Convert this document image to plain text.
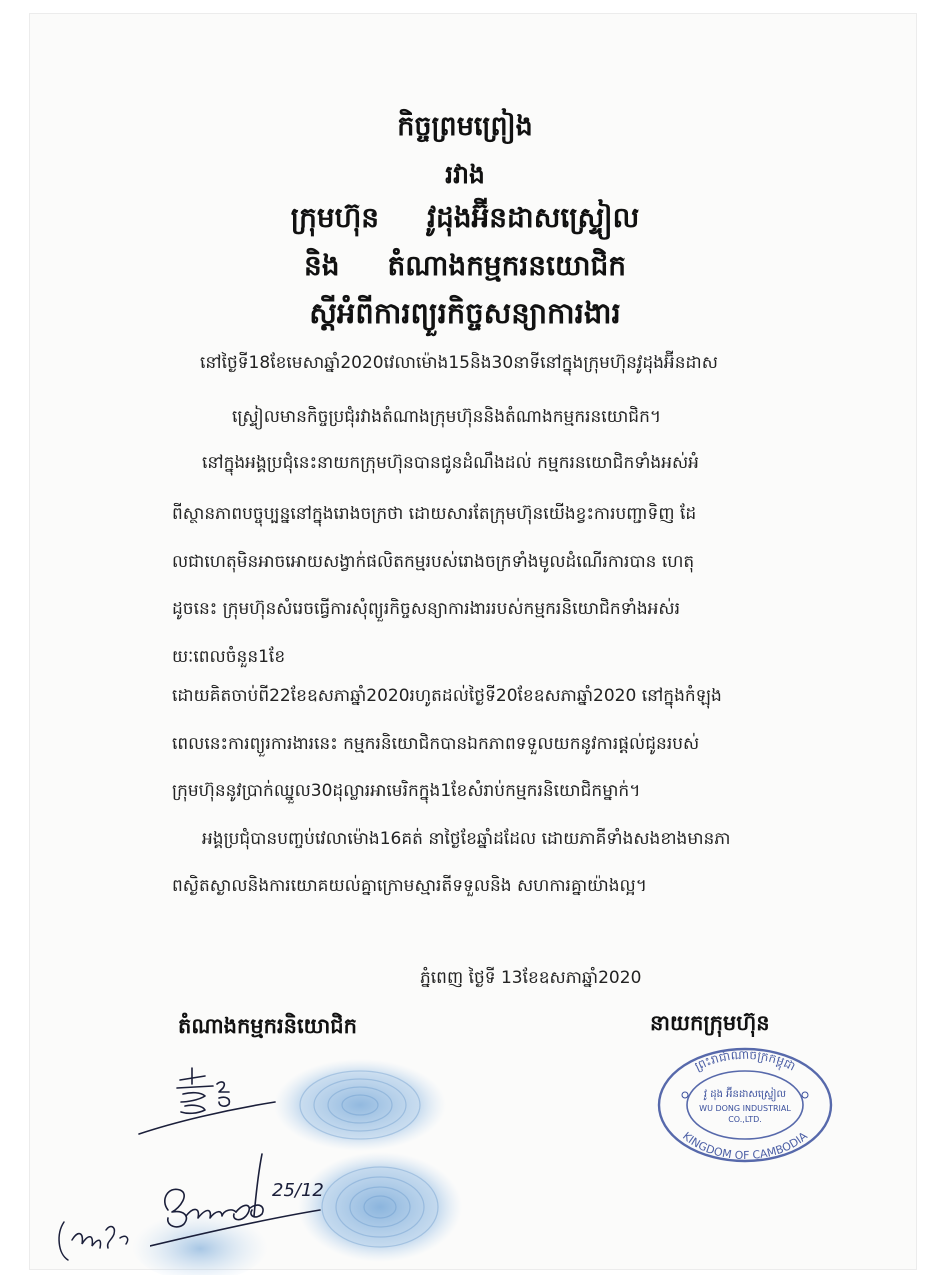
កិច្ចព្រមព្រៀង
រវាង
ក្រុមហ៊ុន វូដុងអ៊ីនដាសស្រ្ទៀល
និង តំណាងកម្មករនយោជិក
ស្តីអំពីការព្យួរកិច្ចសន្យាការងារ
នៅថ្ងៃទី18ខែមេសាឆ្នាំ2020វេលាម៉ោង15និង30នាទីនៅក្នុងក្រុមហ៊ុនវូដុងអ៊ីនដាស
ស្រ្ទៀលមានកិច្ចប្រជុំរវាងតំណាងក្រុមហ៊ុននិងតំណាងកម្មករនយោជិក។
នៅក្នុងអង្គប្រជុំនេះនាយកក្រុមហ៊ុនបានជូនដំណឹងដល់ កម្មករនយោជិកទាំងអស់អំ
ពីស្ថានភាពបច្ចុប្បន្ននៅក្នុងរោងចក្រថា ដោយសារតែក្រុមហ៊ុនយើងខ្វះការបញ្ជាទិញ ដែ
លជាហេតុមិនអាចអោយសង្វាក់ផលិតកម្មរបស់រោងចក្រទាំងមូលដំណើរការបាន ហេតុ
ដូចនេះ ក្រុមហ៊ុនសំរេចធ្វើការសុំព្យួរកិច្ចសន្យាការងាររបស់កម្មករនិយោជិកទាំងអស់រ
យៈពេលចំនួន1ខែ
ដោយគិតចាប់ពី22ខែឧសភាឆ្នាំ2020រហូតដល់ថ្ងៃទី20ខែឧសភាឆ្នាំ2020 នៅក្នុងកំឡុង
ពេលនេះការព្យួរការងារនេះ កម្មករនិយោជិកបានឯកភាពទទួលយកនូវការផ្តល់ជូនរបស់
ក្រុមហ៊ុននូវប្រាក់ឈ្នួល30ដុល្លារអាមេរិកក្នុង1ខែសំរាប់កម្មករនិយោជិកម្នាក់។
អង្គប្រជុំបានបញ្ចប់វេលាម៉ោង16គត់ នាថ្ងៃខែឆ្នាំដដែល ដោយភាគីទាំងសងខាងមានភា
ពស្ងិតស្ងាលនិងការយោគយល់គ្នាក្រោមស្មារតីទទួលនិង សហការគ្នាយ៉ាងល្អ។
ភ្នំពេញ ថ្ងៃទី 13ខែឧសភាឆ្នាំ2020
តំណាងកម្មករនិយោជិក	នាយកក្រុមហ៊ុន
25/12
ព្រះរាជាណាចក្រកម្ពុជា
KINGDOM OF CAMBODIA
វូ ដុង អ៊ីនដាសស្រ្ទៀល
WU DONG INDUSTRIAL
CO.,LTD.
